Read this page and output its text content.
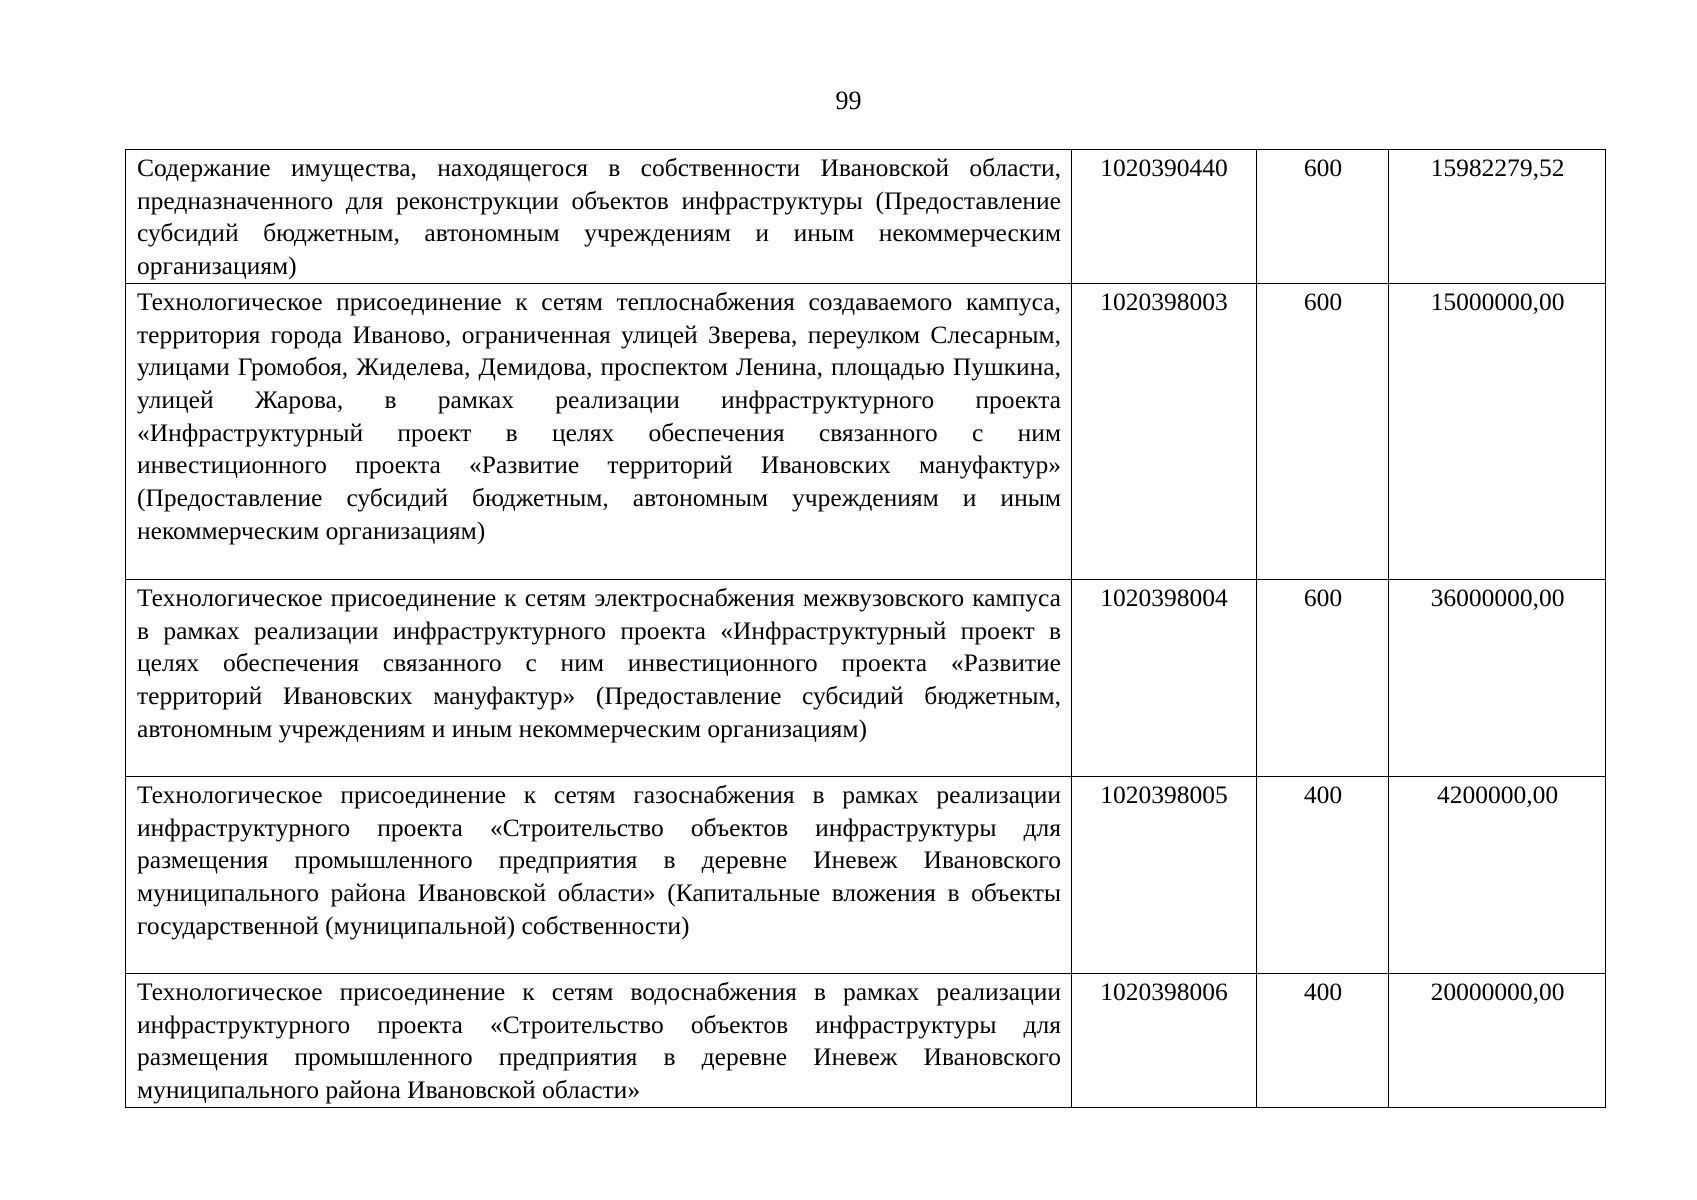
99
Содержание имущества, находящегося в собственности Ивановской области, предназначенного для реконструкции объектов инфраструктуры (Предоставление субсидий бюджетным, автономным учреждениям и иным некоммерческим организациям)	1020390440	600	15982279,52
Технологическое присоединение к сетям теплоснабжения создаваемого кампуса, территория города Иваново, ограниченная улицей Зверева, переулком Слесарным, улицами Громобоя, Жиделева, Демидова, проспектом Ленина, площадью Пушкина, улицей Жарова, в рамках реализации инфраструктурного проекта «Инфраструктурный проект в целях обеспечения связанного с ним инвестиционного проекта «Развитие территорий Ивановских мануфактур» (Предоставление субсидий бюджетным, автономным учреждениям и иным некоммерческим организациям)	1020398003	600	15000000,00
Технологическое присоединение к сетям электроснабжения межвузовского кампуса в рамках реализации инфраструктурного проекта «Инфраструктурный проект в целях обеспечения связанного с ним инвестиционного проекта «Развитие территорий Ивановских мануфактур» (Предоставление субсидий бюджетным, автономным учреждениям и иным некоммерческим организациям)	1020398004	600	36000000,00
Технологическое присоединение к сетям газоснабжения в рамках реализации инфраструктурного проекта «Строительство объектов инфраструктуры для размещения промышленного предприятия в деревне Иневеж Ивановского муниципального района Ивановской области» (Капитальные вложения в объекты государственной (муниципальной) собственности)	1020398005	400	4200000,00
Технологическое присоединение к сетям водоснабжения в рамках реализации инфраструктурного проекта «Строительство объектов инфраструктуры для размещения промышленного предприятия в деревне Иневеж Ивановского муниципального района Ивановской области»	1020398006	400	20000000,00
